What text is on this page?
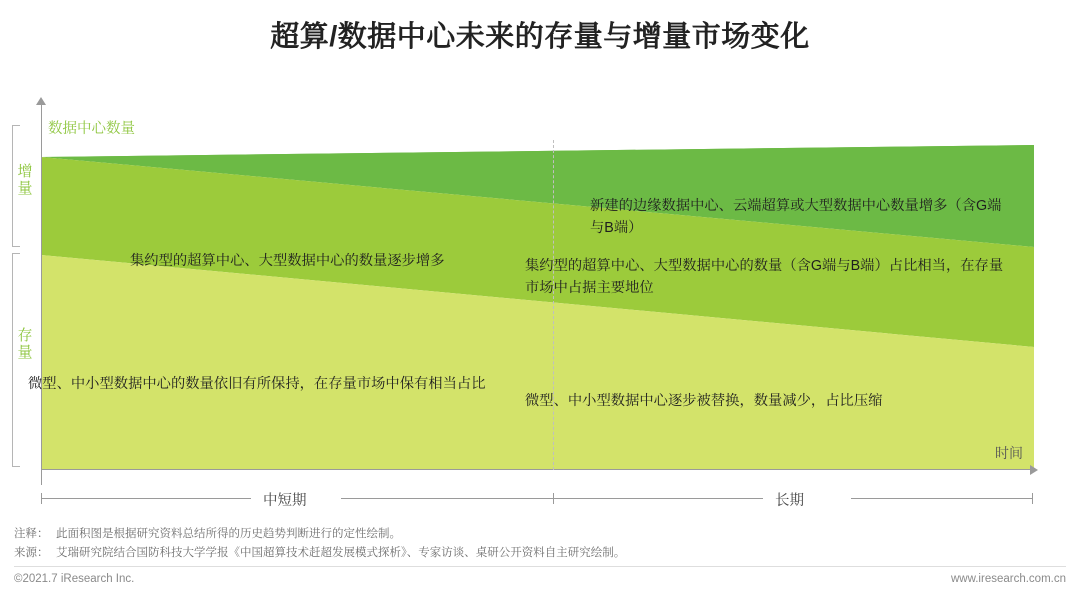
超算/数据中心未来的存量与增量市场变化
数据中心数量
时间
增量
存量
新建的边缘数据中心、云端超算或大型数据中心数量增多（含G端与B端）
集约型的超算中心、大型数据中心的数量逐步增多	集约型的超算中心、大型数据中心的数量（含G端与B端）占比相当，在存量市场中占据主要地位
微型、中小型数据中心的数量依旧有所保持，在存量市场中保有相当占比
微型、中小型数据中心逐步被替换，数量减少，占比压缩
中短期	长期
注释： 此面积图是根据研究资料总结所得的历史趋势判断进行的定性绘制。
来源： 艾瑞研究院结合国防科技大学学报《中国超算技术赶超发展模式探析》、专家访谈、桌研公开资料自主研究绘制。
©2021.7 iResearch Inc.	www.iresearch.com.cn
